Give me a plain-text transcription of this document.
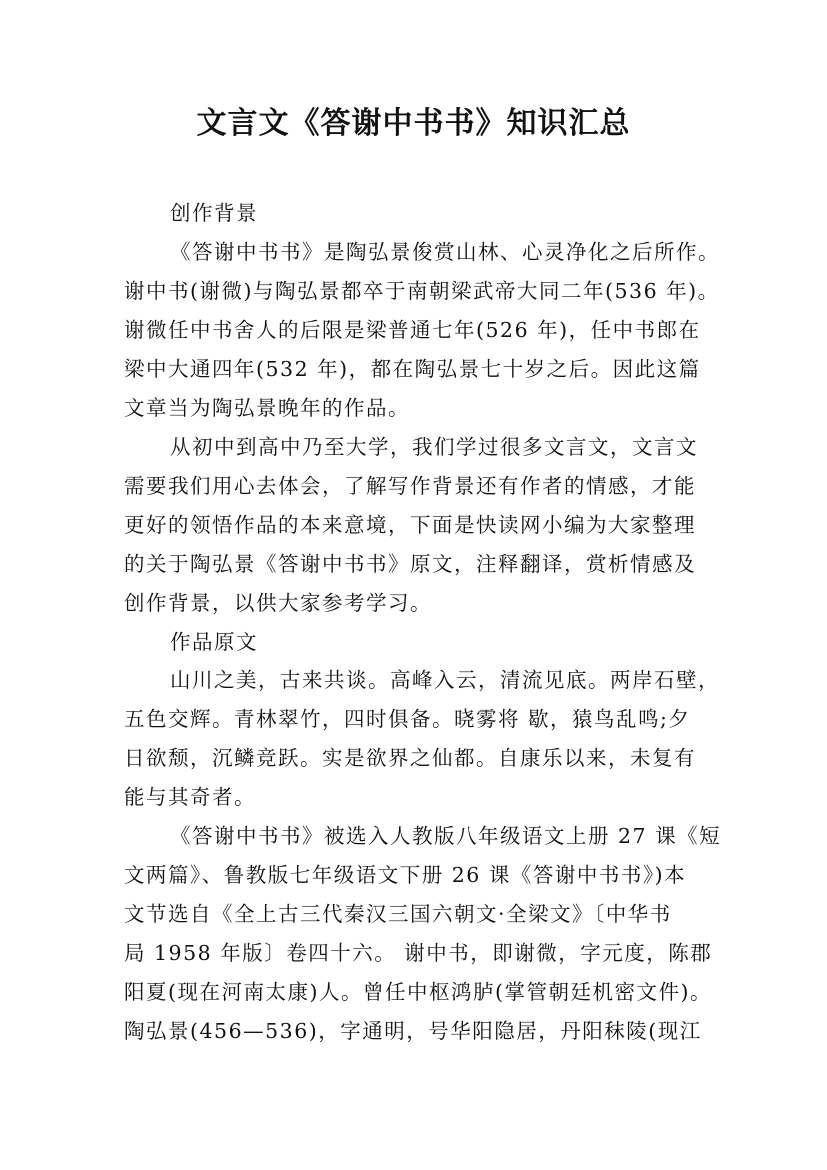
文言文《答谢中书书》知识汇总
创作背景
《答谢中书书》是陶弘景俊赏山林、心灵净化之后所作。
谢中书(谢微)与陶弘景都卒于南朝梁武帝大同二年(536 年)。
谢微任中书舍人的后限是梁普通七年(526 年)，任中书郎在
梁中大通四年(532 年)，都在陶弘景七十岁之后。因此这篇
文章当为陶弘景晚年的作品。
从初中到高中乃至大学，我们学过很多文言文，文言文
需要我们用心去体会，了解写作背景还有作者的情感，才能
更好的领悟作品的本来意境，下面是快读网小编为大家整理
的关于陶弘景《答谢中书书》原文，注释翻译，赏析情感及
创作背景，以供大家参考学习。
作品原文
山川之美，古来共谈。高峰入云，清流见底。两岸石壁，
五色交辉。青林翠竹，四时俱备。晓雾将 歇，猿鸟乱鸣;夕
日欲颓，沉鳞竞跃。实是欲界之仙都。自康乐以来，未复有
能与其奇者。
《答谢中书书》被选入人教版八年级语文上册 27 课《短
文两篇》、鲁教版七年级语文下册 26 课《答谢中书书》)本
文节选自《全上古三代秦汉三国六朝文·全梁文》〔中华书
局 1958 年版〕卷四十六。 谢中书，即谢微，字元度，陈郡
阳夏(现在河南太康)人。曾任中枢鸿胪(掌管朝廷机密文件)。
陶弘景(456—536)，字通明，号华阳隐居，丹阳秣陵(现江
